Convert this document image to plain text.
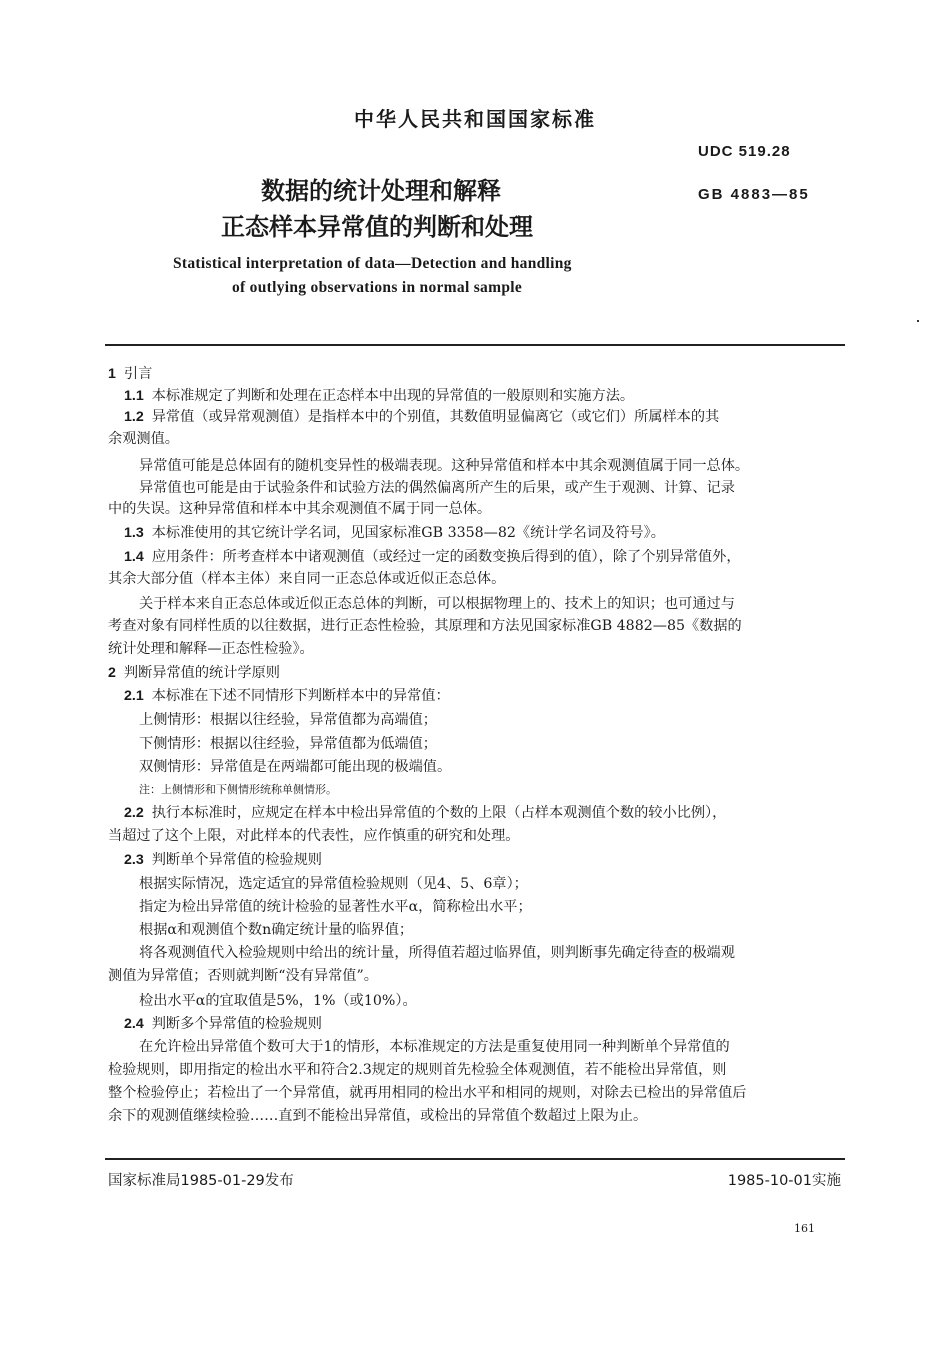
中华人民共和国国家标准
UDC 519.28
数据的统计处理和解释	GB 4883—85
正态样本异常值的判断和处理
Statistical interpretation of data—Detection and handling
of outlying observations in normal sample
1 引言
1.1 本标准规定了判断和处理在正态样本中出现的异常值的一般原则和实施方法。
1.2 异常值（或异常观测值）是指样本中的个别值，其数值明显偏离它（或它们）所属样本的其
余观测值。
异常值可能是总体固有的随机变异性的极端表现。这种异常值和样本中其余观测值属于同一总体。
异常值也可能是由于试验条件和试验方法的偶然偏离所产生的后果，或产生于观测、计算、记录
中的失误。这种异常值和样本中其余观测值不属于同一总体。
1.3 本标准使用的其它统计学名词，见国家标准GB 3358—82《统计学名词及符号》。
1.4 应用条件：所考查样本中诸观测值（或经过一定的函数变换后得到的值），除了个别异常值外，
其余大部分值（样本主体）来自同一正态总体或近似正态总体。
关于样本来自正态总体或近似正态总体的判断，可以根据物理上的、技术上的知识；也可通过与
考查对象有同样性质的以往数据，进行正态性检验，其原理和方法见国家标准GB 4882—85《数据的
统计处理和解释—正态性检验》。
2 判断异常值的统计学原则
2.1 本标准在下述不同情形下判断样本中的异常值：
上侧情形：根据以往经验，异常值都为高端值；
下侧情形：根据以往经验，异常值都为低端值；
双侧情形：异常值是在两端都可能出现的极端值。
注：上侧情形和下侧情形统称单侧情形。
2.2 执行本标准时，应规定在样本中检出异常值的个数的上限（占样本观测值个数的较小比例），
当超过了这个上限，对此样本的代表性，应作慎重的研究和处理。
2.3 判断单个异常值的检验规则
根据实际情况，选定适宜的异常值检验规则（见4、5、6章）；
指定为检出异常值的统计检验的显著性水平α，简称检出水平；
根据α和观测值个数n确定统计量的临界值；
将各观测值代入检验规则中给出的统计量，所得值若超过临界值，则判断事先确定待查的极端观
测值为异常值；否则就判断“没有异常值”。
检出水平α的宜取值是5%，1%（或10%）。
2.4 判断多个异常值的检验规则
在允许检出异常值个数可大于1的情形，本标准规定的方法是重复使用同一种判断单个异常值的
检验规则，即用指定的检出水平和符合2.3规定的规则首先检验全体观测值，若不能检出异常值，则
整个检验停止；若检出了一个异常值，就再用相同的检出水平和相同的规则，对除去已检出的异常值后
余下的观测值继续检验……直到不能检出异常值，或检出的异常值个数超过上限为止。
国家标准局1985-01-29发布	1985-10-01实施
161
